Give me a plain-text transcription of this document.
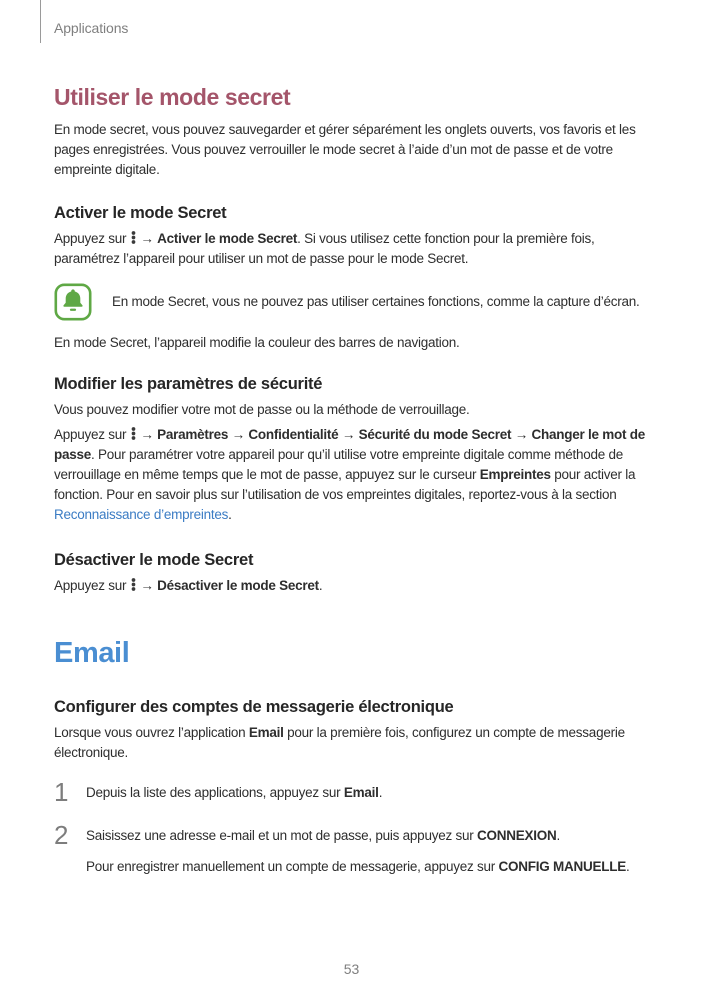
Applications
Utiliser le mode secret

En mode secret, vous pouvez sauvegarder et gérer séparément les onglets ouverts, vos favoris et les pages enregistrées. Vous pouvez verrouiller le mode secret à l’aide d’un mot de passe et de votre empreinte digitale.

Activer le mode Secret

Appuyez sur
→ Activer le mode Secret. Si vous utilisez cette fonction pour la première fois, paramétrez l’appareil pour utiliser un mot de passe pour le mode Secret.

En mode Secret, vous ne pouvez pas utiliser certaines fonctions, comme la capture d’écran.

En mode Secret, l’appareil modifie la couleur des barres de navigation.

Modifier les paramètres de sécurité

Vous pouvez modifier votre mot de passe ou la méthode de verrouillage.

Appuyez sur
→ Paramètres → Confidentialité → Sécurité du mode Secret → Changer le mot de passe. Pour paramétrer votre appareil pour qu’il utilise votre empreinte digitale comme méthode de verrouillage en même temps que le mot de passe, appuyez sur le curseur Empreintes pour activer la fonction. Pour en savoir plus sur l’utilisation de vos empreintes digitales, reportez-vous à la section Reconnaissance d’empreintes.

Désactiver le mode Secret

Appuyez sur
→ Désactiver le mode Secret.

Email
Configurer des comptes de messagerie électronique

Lorsque vous ouvrez l’application Email pour la première fois, configurez un compte de messagerie électronique.

1	Depuis la liste des applications, appuyez sur Email.

2	Saisissez une adresse e-mail et un mot de passe, puis appuyez sur CONNEXION.

Pour enregistrer manuellement un compte de messagerie, appuyez sur CONFIG MANUELLE.

53
